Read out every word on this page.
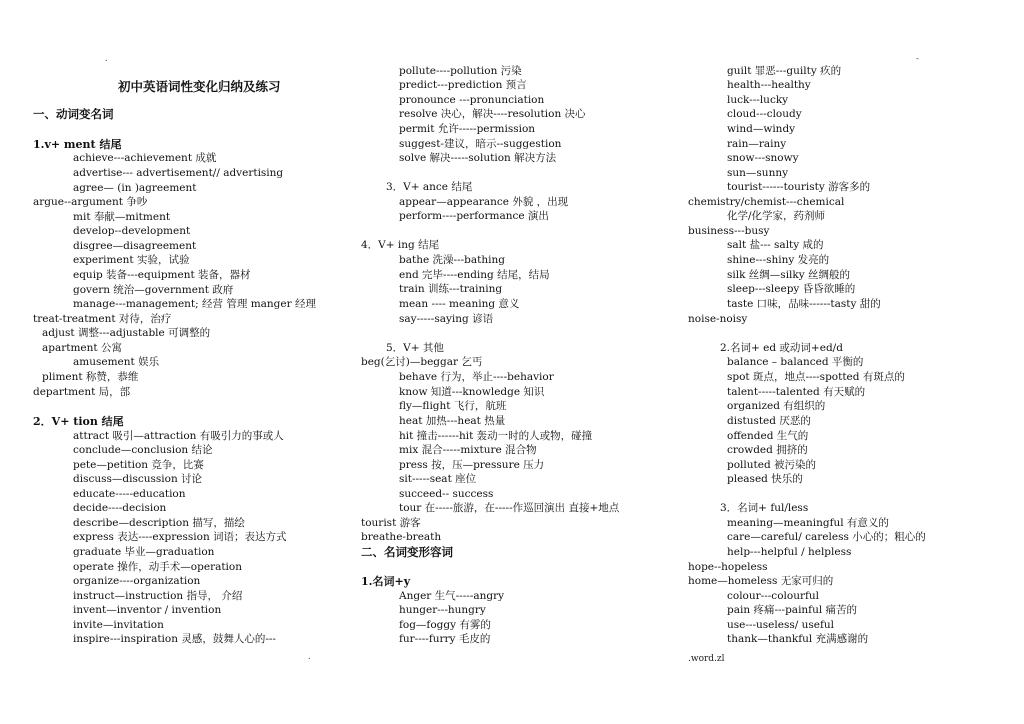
初中英语词性变化归纳及练习
一、动词变名词
1.v+ ment 结尾
achieve---achievement 成就
advertise--- advertisement// advertising
agree— (in )agreement
argue--argument 争吵
mit 奉献—mitment
develop--development
disgree—disagreement
experiment 实验，试验
equip 装备---equipment 装备，器材
govern 统治—government 政府
manage---management; 经营 管理 manger 经理
treat-treatment 对待，治疗
adjust 调整---adjustable 可调整的
apartment 公寓
amusement 娱乐
pliment 称赞，恭维
department 局，部
2．V+ tion 结尾
attract 吸引—attraction 有吸引力的事或人
conclude—conclusion 结论
pete—petition 竞争，比赛
discuss—discussion 讨论
educate-----education
decide----decision
describe—description 描写，描绘
express 表达----expression 词语；表达方式
graduate 毕业—graduation
operate 操作，动手术—operation
organize----organization
instruct—instruction 指导， 介绍
invent—inventor / invention
invite—invitation
inspire---inspiration 灵感，鼓舞人心的---
pollute----pollution 污染
predict---prediction 预言
pronounce ---pronunciation
resolve 决心，解决----resolution 决心
permit 允许-----permission
suggest-建议，暗示--suggestion
solve 解决-----solution 解决方法
3．V+ ance 结尾
appear—appearance 外貌 ，出现
perform----performance 演出
4．V+ ing 结尾
bathe 洗澡---bathing
end 完毕----ending 结尾，结局
train 训练---training
mean ---- meaning 意义
say-----saying 谚语
5．V+ 其他
beg(乞讨)—beggar 乞丐
behave 行为，举止----behavior
know 知道---knowledge 知识
fly—flight 飞行，航班
heat 加热---heat 热量
hit 撞击------hit 轰动一时的人或物，碰撞
mix 混合-----mixture 混合物
press 按，压—pressure 压力
sit-----seat 座位
succeed-- success
tour 在-----旅游，在-----作巡回演出 直接+地点
tourist 游客
breathe-breath
二、名词变形容词
1.名词+y
Anger 生气-----angry
hunger---hungry
fog—foggy 有雾的
fur----furry 毛皮的
guilt 罪恶---guilty 疚的
health---healthy
luck---lucky
cloud---cloudy
wind—windy
rain—rainy
snow---snowy
sun—sunny
tourist------touristy 游客多的
chemistry/chemist---chemical
化学/化学家，药剂师
business---busy
salt 盐--- salty 咸的
shine---shiny 发亮的
silk 丝绸—silky 丝绸般的
sleep---sleepy 昏昏欲睡的
taste 口味，品味------tasty 甜的
noise-noisy
2.名词+ ed 或动词+ed/d
balance – balanced 平衡的
spot 斑点，地点----spotted 有斑点的
talent-----talented 有天赋的
organized 有组织的
distusted 厌恶的
offended 生气的
crowded 拥挤的
polluted 被污染的
pleased 快乐的
3．名词+ ful/less
meaning—meaningful 有意义的
care—careful/ careless 小心的；粗心的
help---helpful / helpless
hope--hopeless
home—homeless 无家可归的
colour---colourful
pain 疼痛---painful 痛苦的
use---useless/ useful
thank—thankful 充满感谢的
.	-
.	.word.zl
